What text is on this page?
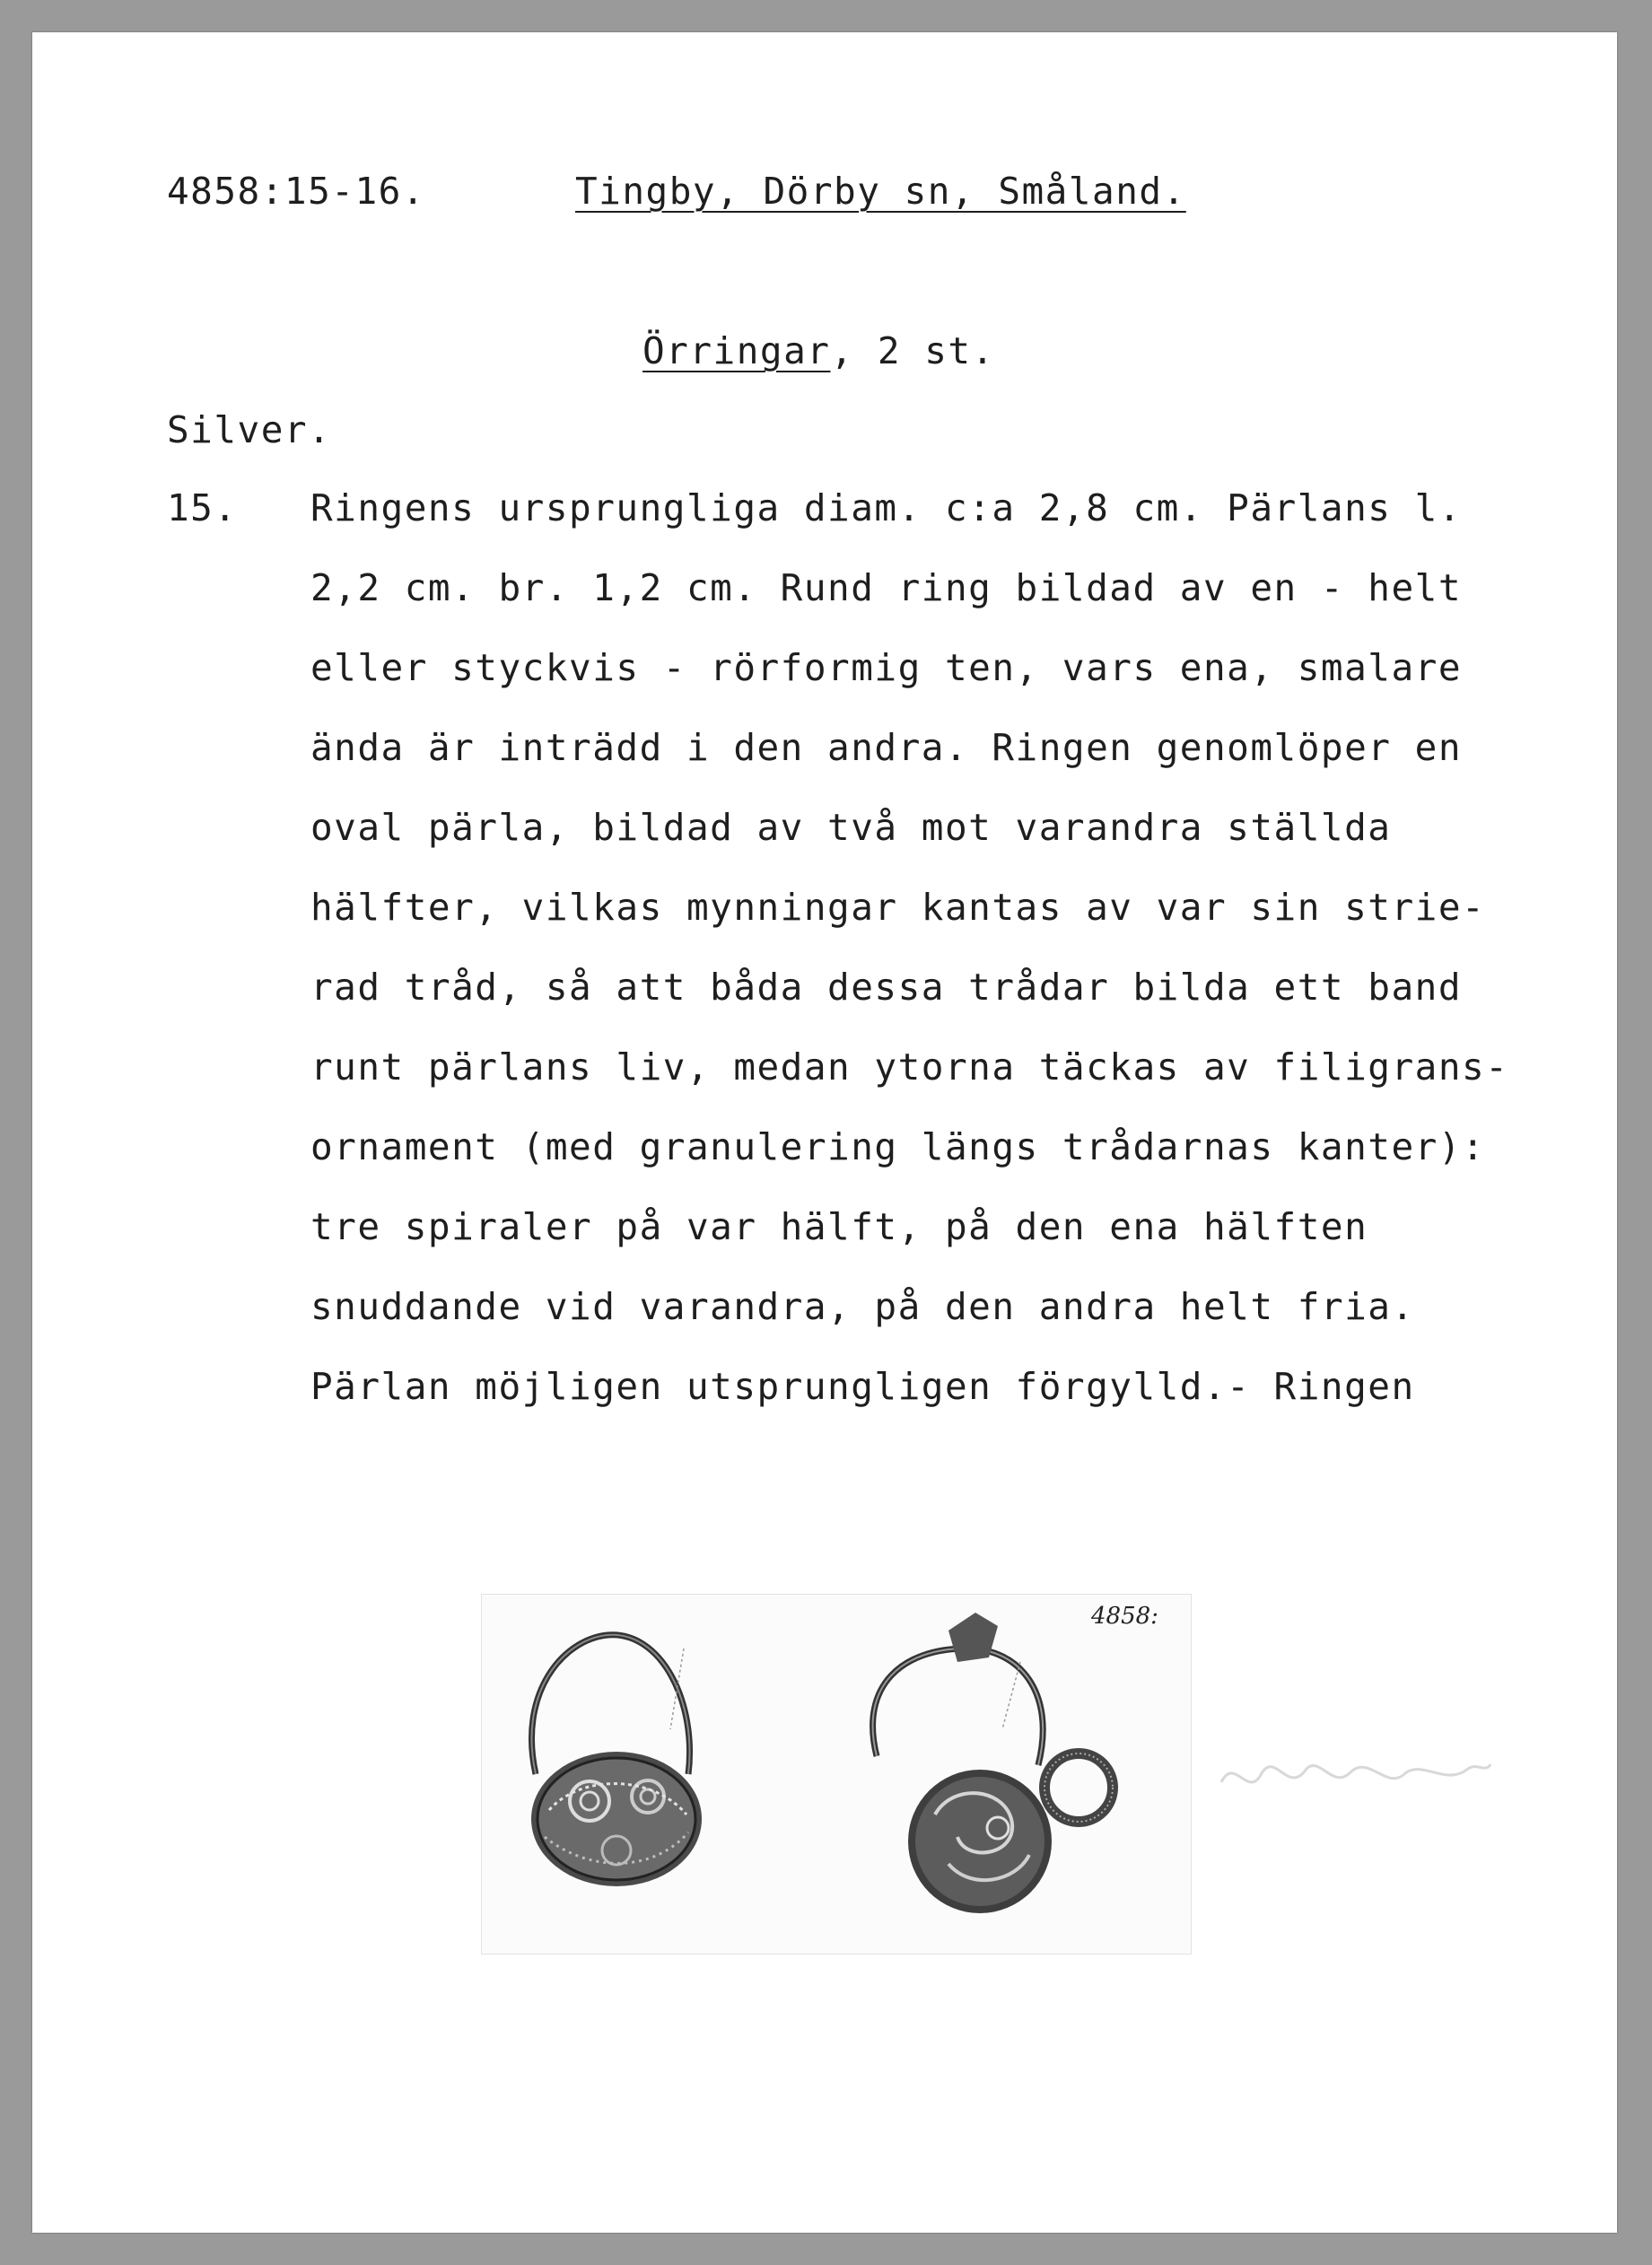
4858:15-16.	Tingby, Dörby sn, Småland.
Örringar, 2 st.
Silver.
15. Ringens ursprungliga diam. c:a 2,8 cm. Pärlans l.
2,2 cm. br. 1,2 cm. Rund ring bildad av en - helt
eller styckvis - rörformig ten, vars ena, smalare
ända är inträdd i den andra. Ringen genomlöper en
oval pärla, bildad av två mot varandra ställda
hälfter, vilkas mynningar kantas av var sin strie-
rad tråd, så att båda dessa trådar bilda ett band
runt pärlans liv, medan ytorna täckas av filigrans-
ornament (med granulering längs trådarnas kanter):
tre spiraler på var hälft, på den ena hälften
snuddande vid varandra, på den andra helt fria.
Pärlan möjligen utsprungligen förgylld.- Ringen
4858:
